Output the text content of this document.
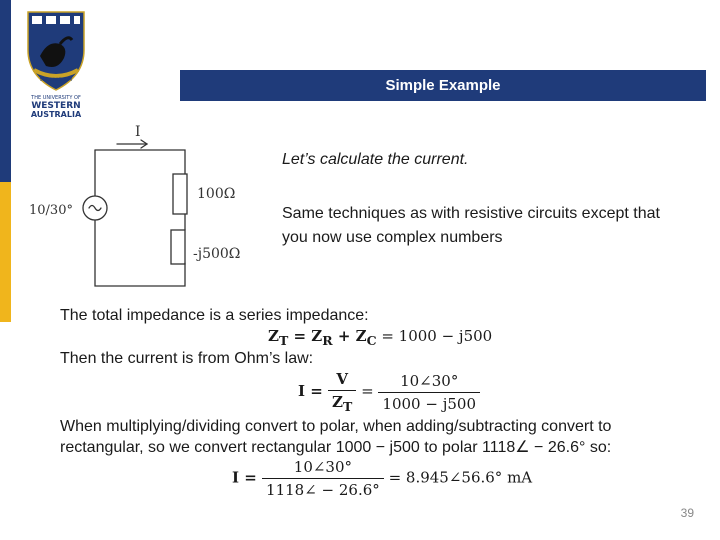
SEEK WISDOM
THE UNIVERSITY OF
WESTERN
AUSTRALIA
Simple Example
I
10/30°
100Ω
-j500Ω
Let’s calculate the current.
Same techniques as with resistive circuits except that you now use complex numbers
The total impedance is a series impedance:
$Z_T = Z_R + Z_C = 1000 - j500$
Then the current is from Ohm’s law:
$I = \frac{V}{Z_T} = \frac{10\angle 30^\circ}{1000 - j500}$
When multiplying/dividing convert to polar, when adding/subtracting convert to
rectangular, so we convert rectangular 1000 − j500 to polar 1118∠ − 26.6° so:
$I = \frac{10\angle 30^\circ}{1118\angle - 26.6^\circ}$ = 8.945∠56.6° mA
39
